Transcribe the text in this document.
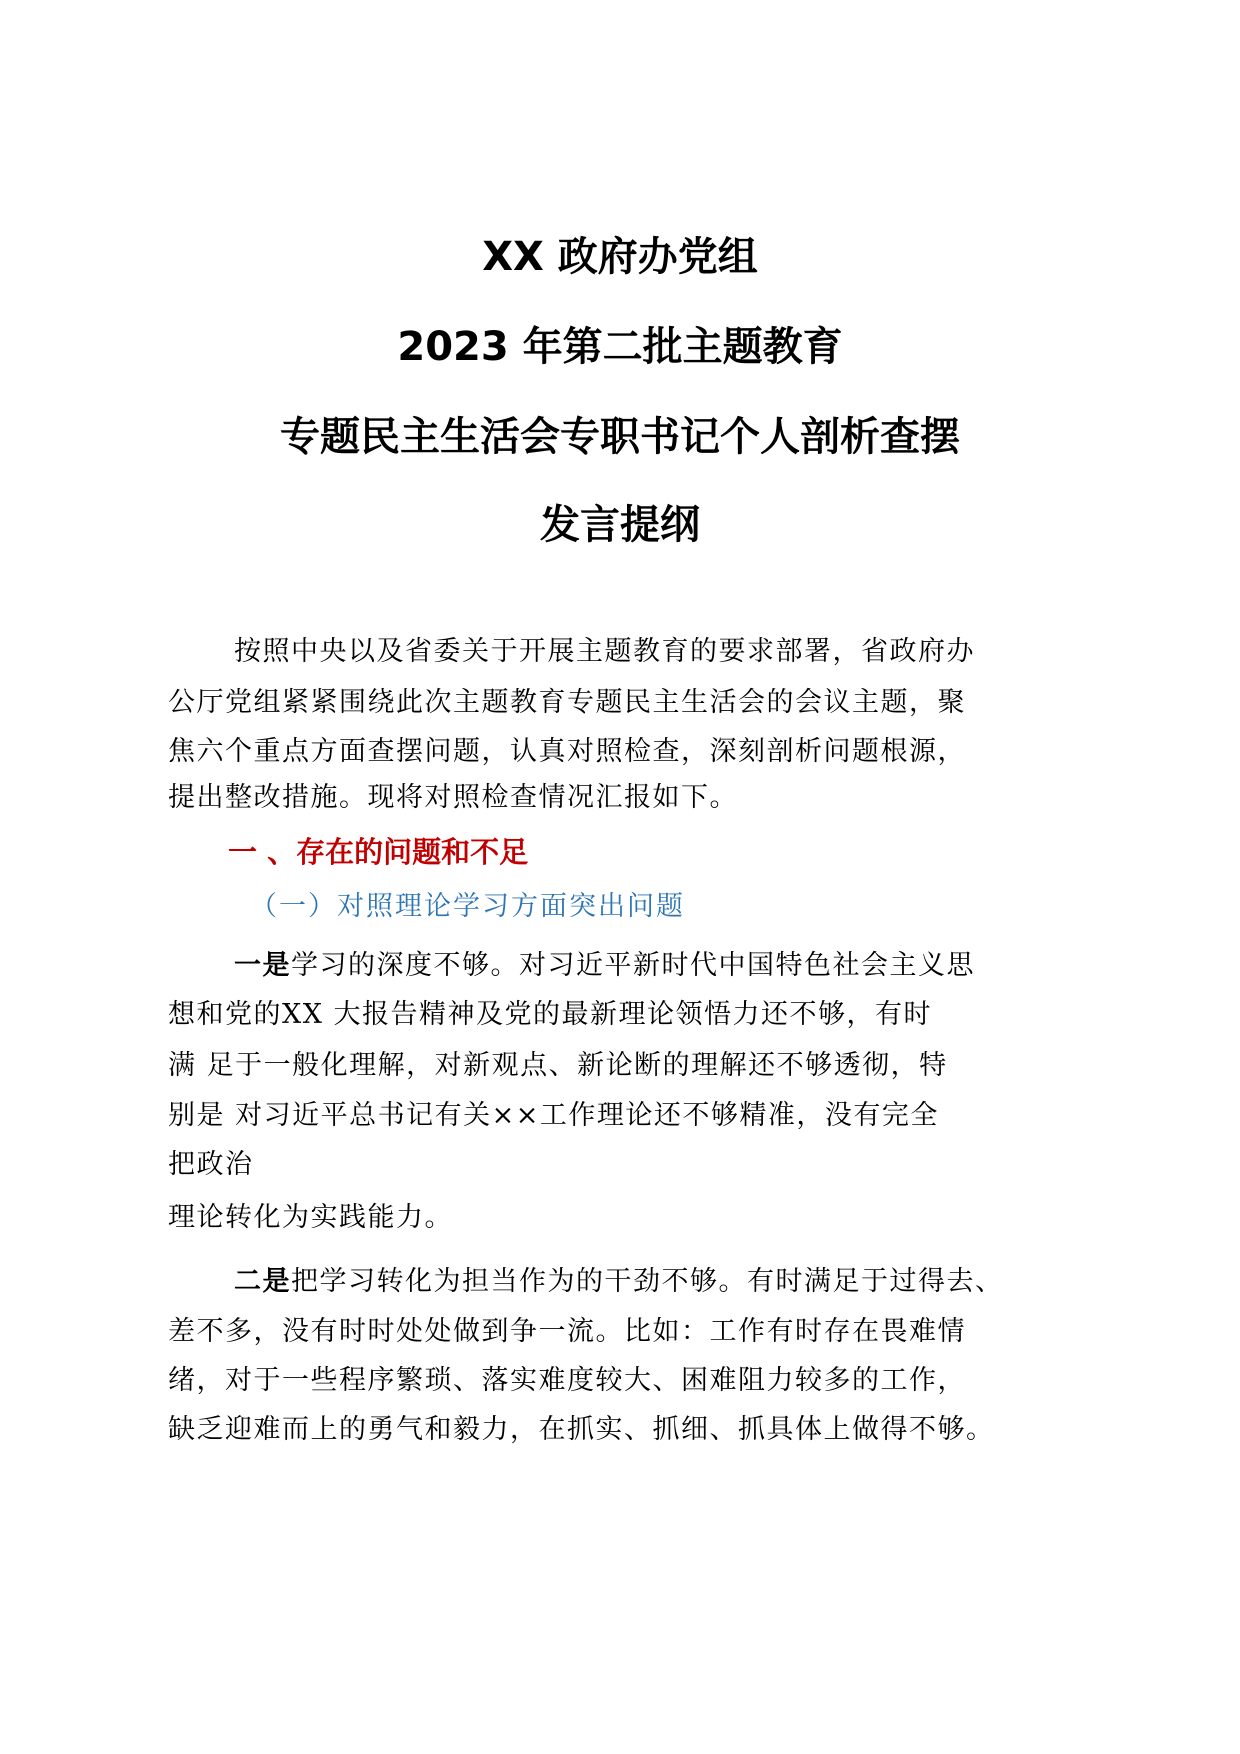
XX 政府办党组
2023 年第二批主题教育
专题民主生活会专职书记个人剖析查摆
发言提纲
按照中央以及省委关于开展主题教育的要求部署，省政府办
公厅党组紧紧围绕此次主题教育专题民主生活会的会议主题，聚
焦六个重点方面查摆问题，认真对照检查，深刻剖析问题根源，
提出整改措施。现将对照检查情况汇报如下。
一 、存在的问题和不足
（一）对照理论学习方面突出问题
一是学习的深度不够。对习近平新时代中国特色社会主义思
想和党的XX 大报告精神及党的最新理论领悟力还不够，有时
满 足于一般化理解，对新观点、新论断的理解还不够透彻，特
别是 对习近平总书记有关××工作理论还不够精准，没有完全
把政治
理论转化为实践能力。
二是把学习转化为担当作为的干劲不够。有时满足于过得去、
差不多，没有时时处处做到争一流。比如：工作有时存在畏难情
绪，对于一些程序繁琐、落实难度较大、困难阻力较多的工作，
缺乏迎难而上的勇气和毅力，在抓实、抓细、抓具体上做得不够。
